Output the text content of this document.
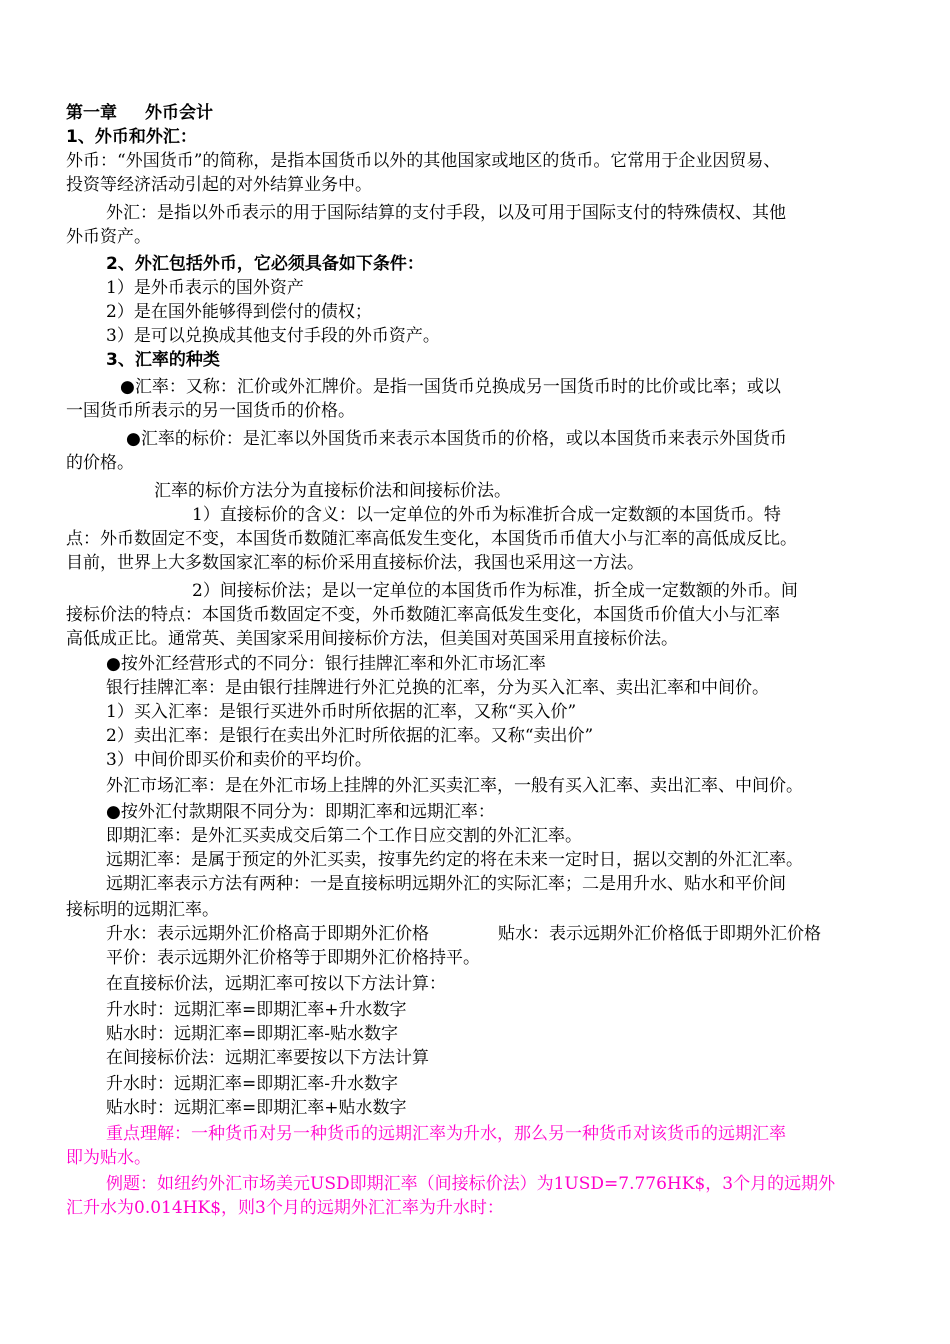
第一章 外币会计
1、外币和外汇：
外币：“外国货币”的简称，是指本国货币以外的其他国家或地区的货币。它常用于企业因贸易、
投资等经济活动引起的对外结算业务中。
外汇：是指以外币表示的用于国际结算的支付手段，以及可用于国际支付的特殊债权、其他
外币资产。
2、外汇包括外币，它必须具备如下条件：
1）是外币表示的国外资产
2）是在国外能够得到偿付的债权；
3）是可以兑换成其他支付手段的外币资产。
3、汇率的种类
●汇率：又称：汇价或外汇牌价。是指一国货币兑换成另一国货币时的比价或比率；或以
一国货币所表示的另一国货币的价格。
●汇率的标价：是汇率以外国货币来表示本国货币的价格，或以本国货币来表示外国货币
的价格。
汇率的标价方法分为直接标价法和间接标价法。
1）直接标价的含义：以一定单位的外币为标准折合成一定数额的本国货币。特
点：外币数固定不变，本国货币数随汇率高低发生变化，本国货币币值大小与汇率的高低成反比。
目前，世界上大多数国家汇率的标价采用直接标价法，我国也采用这一方法。
2）间接标价法；是以一定单位的本国货币作为标准，折全成一定数额的外币。间
接标价法的特点：本国货币数固定不变，外币数随汇率高低发生变化，本国货币价值大小与汇率
高低成正比。通常英、美国家采用间接标价方法，但美国对英国采用直接标价法。
●按外汇经营形式的不同分：银行挂牌汇率和外汇市场汇率
银行挂牌汇率：是由银行挂牌进行外汇兑换的汇率，分为买入汇率、卖出汇率和中间价。
1）买入汇率：是银行买进外币时所依据的汇率，又称“买入价”
2）卖出汇率：是银行在卖出外汇时所依据的汇率。又称“卖出价”
3）中间价即买价和卖价的平均价。
外汇市场汇率：是在外汇市场上挂牌的外汇买卖汇率，一般有买入汇率、卖出汇率、中间价。
●按外汇付款期限不同分为：即期汇率和远期汇率：
即期汇率：是外汇买卖成交后第二个工作日应交割的外汇汇率。
远期汇率：是属于预定的外汇买卖，按事先约定的将在未来一定时日，据以交割的外汇汇率。
远期汇率表示方法有两种：一是直接标明远期外汇的实际汇率；二是用升水、贴水和平价间
接标明的远期汇率。
升水：表示远期外汇价格高于即期外汇价格	贴水：表示远期外汇价格低于即期外汇价格
平价：表示远期外汇价格等于即期外汇价格持平。
在直接标价法，远期汇率可按以下方法计算：
升水时：远期汇率=即期汇率+升水数字
贴水时：远期汇率=即期汇率-贴水数字
在间接标价法：远期汇率要按以下方法计算
升水时：远期汇率=即期汇率-升水数字
贴水时：远期汇率=即期汇率+贴水数字
重点理解：一种货币对另一种货币的远期汇率为升水，那么另一种货币对该货币的远期汇率
即为贴水。
例题：如纽约外汇市场美元USD即期汇率（间接标价法）为1USD=7.776HK$，3个月的远期外
汇升水为0.014HK$，则3个月的远期外汇汇率为升水时：
